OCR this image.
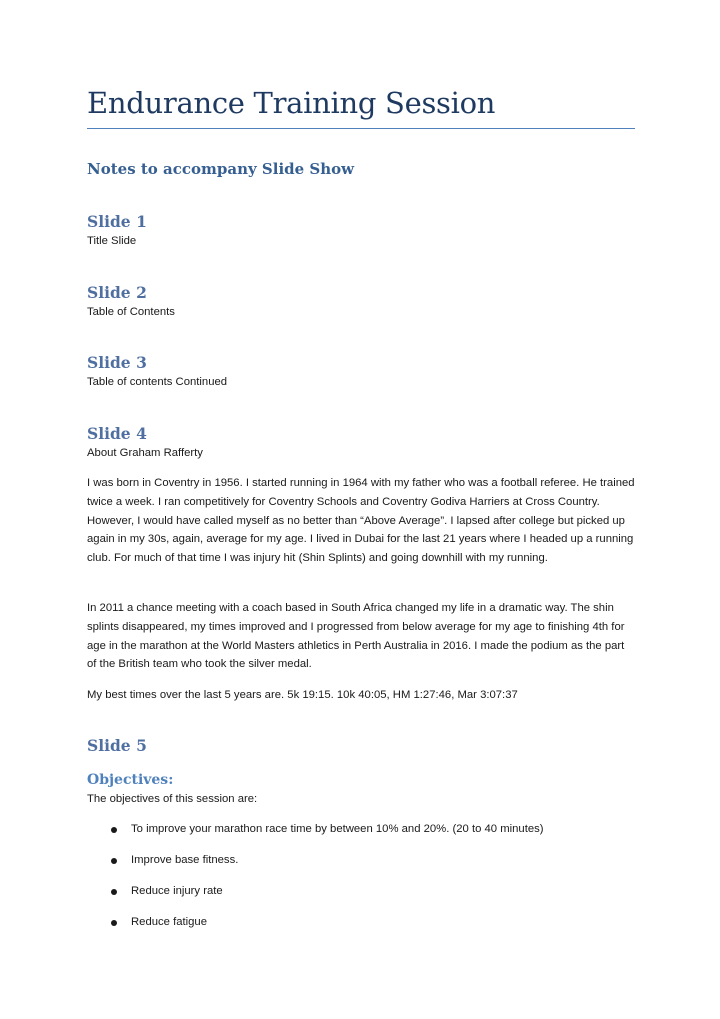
Endurance Training Session
Notes to accompany Slide Show
Slide 1

Title Slide

Slide 2

Table of Contents

Slide 3

Table of contents Continued

Slide 4

About Graham Rafferty

I was born in Coventry in 1956. I started running in 1964 with my father who was a football referee. He trained twice a week. I ran competitively for Coventry Schools and Coventry Godiva Harriers at Cross Country. However, I would have called myself as no better than “Above Average”. I lapsed after college but picked up again in my 30s, again, average for my age. I lived in Dubai for the last 21 years where I headed up a running club. For much of that time I was injury hit (Shin Splints) and going downhill with my running.

In 2011 a chance meeting with a coach based in South Africa changed my life in a dramatic way. The shin splints disappeared, my times improved and I progressed from below average for my age to finishing 4th for age in the marathon at the World Masters athletics in Perth Australia in 2016. I made the podium as the part of the British team who took the silver medal.

My best times over the last 5 years are. 5k 19:15. 10k 40:05, HM 1:27:46, Mar 3:07:37

Slide 5
Objectives:

The objectives of this session are:

To improve your marathon race time by between 10% and 20%. (20 to 40 minutes)
Improve base fitness.
Reduce injury rate
Reduce fatigue
